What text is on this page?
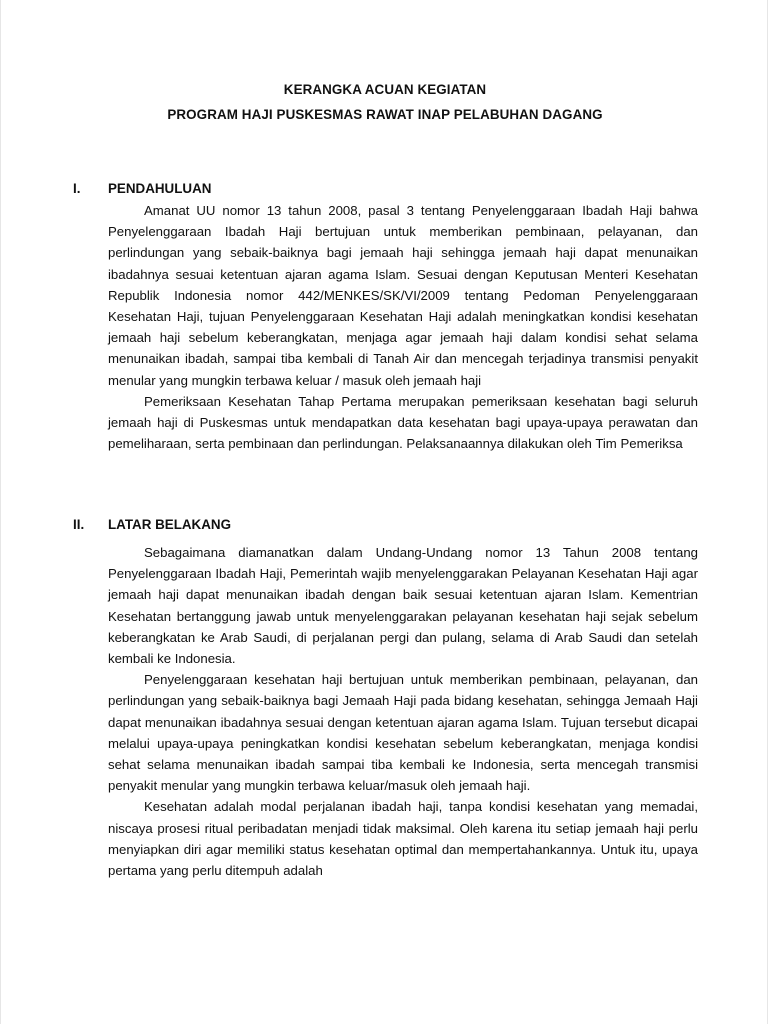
KERANGKA ACUAN KEGIATAN
PROGRAM HAJI PUSKESMAS RAWAT INAP PELABUHAN DAGANG
I. PENDAHULUAN

Amanat UU nomor 13 tahun 2008, pasal 3 tentang Penyelenggaraan Ibadah Haji bahwa Penyelenggaraan Ibadah Haji bertujuan untuk memberikan pembinaan, pelayanan, dan perlindungan yang sebaik-baiknya bagi jemaah haji sehingga jemaah haji dapat menunaikan ibadahnya sesuai ketentuan ajaran agama Islam. Sesuai dengan Keputusan Menteri Kesehatan Republik Indonesia nomor 442/MENKES/SK/VI/2009 tentang Pedoman Penyelenggaraan Kesehatan Haji, tujuan Penyelenggaraan Kesehatan Haji adalah meningkatkan kondisi kesehatan jemaah haji sebelum keberangkatan, menjaga agar jemaah haji dalam kondisi sehat selama menunaikan ibadah, sampai tiba kembali di Tanah Air dan mencegah terjadinya transmisi penyakit menular yang mungkin terbawa keluar / masuk oleh jemaah haji

Pemeriksaan Kesehatan Tahap Pertama merupakan pemeriksaan kesehatan bagi seluruh jemaah haji di Puskesmas untuk mendapatkan data kesehatan bagi upaya-upaya perawatan dan pemeliharaan, serta pembinaan dan perlindungan. Pelaksanaannya dilakukan oleh Tim Pemeriksa

II. LATAR BELAKANG

Sebagaimana diamanatkan dalam Undang-Undang nomor 13 Tahun 2008 tentang Penyelenggaraan Ibadah Haji, Pemerintah wajib menyelenggarakan Pelayanan Kesehatan Haji agar jemaah haji dapat menunaikan ibadah dengan baik sesuai ketentuan ajaran Islam. Kementrian Kesehatan bertanggung jawab untuk menyelenggarakan pelayanan kesehatan haji sejak sebelum keberangkatan ke Arab Saudi, di perjalanan pergi dan pulang, selama di Arab Saudi dan setelah kembali ke Indonesia.

Penyelenggaraan kesehatan haji bertujuan untuk memberikan pembinaan, pelayanan, dan perlindungan yang sebaik-baiknya bagi Jemaah Haji pada bidang kesehatan, sehingga Jemaah Haji dapat menunaikan ibadahnya sesuai dengan ketentuan ajaran agama Islam. Tujuan tersebut dicapai melalui upaya-upaya peningkatkan kondisi kesehatan sebelum keberangkatan, menjaga kondisi sehat selama menunaikan ibadah sampai tiba kembali ke Indonesia, serta mencegah transmisi penyakit menular yang mungkin terbawa keluar/masuk oleh jemaah haji.

Kesehatan adalah modal perjalanan ibadah haji, tanpa kondisi kesehatan yang memadai, niscaya prosesi ritual peribadatan menjadi tidak maksimal. Oleh karena itu setiap jemaah haji perlu menyiapkan diri agar memiliki status kesehatan optimal dan mempertahankannya. Untuk itu, upaya pertama yang perlu ditempuh adalah
